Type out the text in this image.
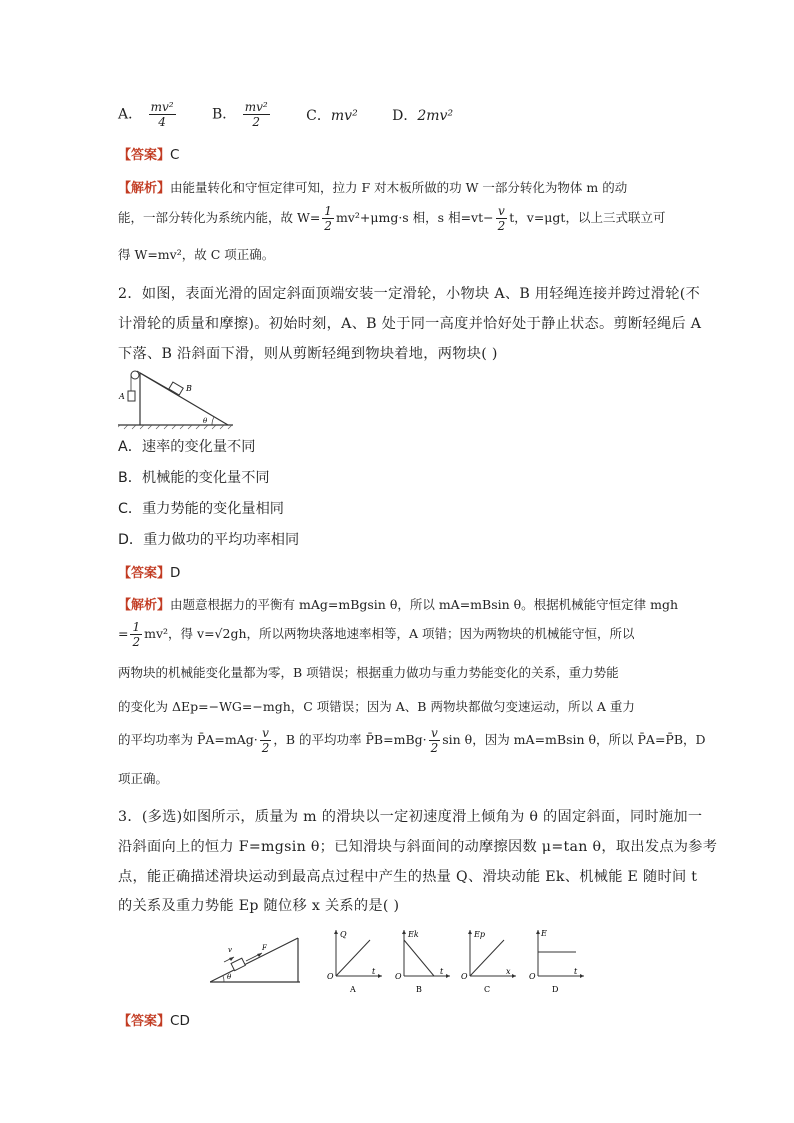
A． $\frac{\text{mv²}}{4}$	B． $\frac{\text{mv²}}{2}$	C．mv² D．2mv²
【答案】C
【解析】由能量转化和守恒定律可知，拉力 F 对木板所做的功 W 一部分转化为物体 m 的动
能，一部分转化为系统内能，故 $W= \frac{1}{2} mv^2+\mu mg\cdot s$ 相，s 相$=vt- \frac{v}{2}$ t，v=μgt，以上三式联立可
得 W=mv²，故 C 项正确。
2．如图，表面光滑的固定斜面顶端安装一定滑轮，小物块 A、B 用轻绳连接并跨过滑轮(不
计滑轮的质量和摩擦)。初始时刻，A、B 处于同一高度并恰好处于静止状态。剪断轻绳后 A
下落、B 沿斜面下滑，则从剪断轻绳到物块着地，两物块( )
A
B
θ
A．速率的变化量不同
B．机械能的变化量不同
C．重力势能的变化量相同
D．重力做功的平均功率相同
【答案】D
【解析】由题意根据力的平衡有 mAg=mBgsin θ，所以 mA=mBsin θ。根据机械能守恒定律 mgh
= $\frac{1}{2} mv^2$，得 v=√2gh，所以两物块落地速率相等，A 项错；因为两物块的机械能守恒，所以
两物块的机械能变化量都为零，B 项错误；根据重力做功与重力势能变化的关系，重力势能
的变化为 ΔEp=−WG=−mgh，C 项错误；因为 A、B 两物块都做匀变速运动，所以 A 重力
的平均功率为 P̄A=mAg· $\frac{v}{2}$ ，B 的平均功率 P̄B=mBg· $\frac{v}{2}$ sin θ，因为 mA=mBsin θ，所以 P̄A=P̄B，D
项正确。
3．(多选)如图所示，质量为 m 的滑块以一定初速度滑上倾角为 θ 的固定斜面，同时施加一
沿斜面向上的恒力 F=mgsin θ；已知滑块与斜面间的动摩擦因数 μ=tan θ，取出发点为参考
点，能正确描述滑块运动到最高点过程中产生的热量 Q、滑块动能 Ek、机械能 E 随时间 t
的关系及重力势能 Ep 随位移 x 关系的是( )
v	F
θ
Q
t
O
A
Ek
t
O
B
Ep
x
O
C
E
t
O
D
【答案】CD
